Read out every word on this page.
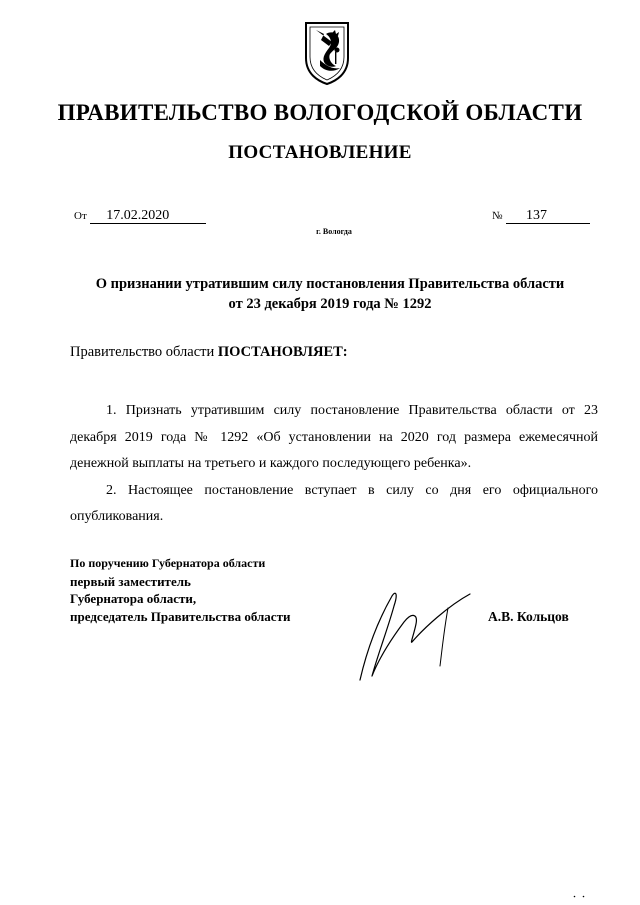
ПРАВИТЕЛЬСТВО ВОЛОГОДСКОЙ ОБЛАСТИ
ПОСТАНОВЛЕНИЕ
От 17.02.2020	№ 137
г. Вологда
О признании утратившим силу постановления Правительства области
от 23 декабря 2019 года № 1292
Правительство области ПОСТАНОВЛЯЕТ:

1. Признать утратившим силу постановление Правительства области от 23 декабря 2019 года № 1292 «Об установлении на 2020 год размера ежемесячной денежной выплаты на третьего и каждого последующего ребенка».

2. Настоящее постановление вступает в силу со дня его официального опубликования.

По поручению Губернатора области
первый заместитель
Губернатора области,
председатель Правительства области	А.В. Кольцов
